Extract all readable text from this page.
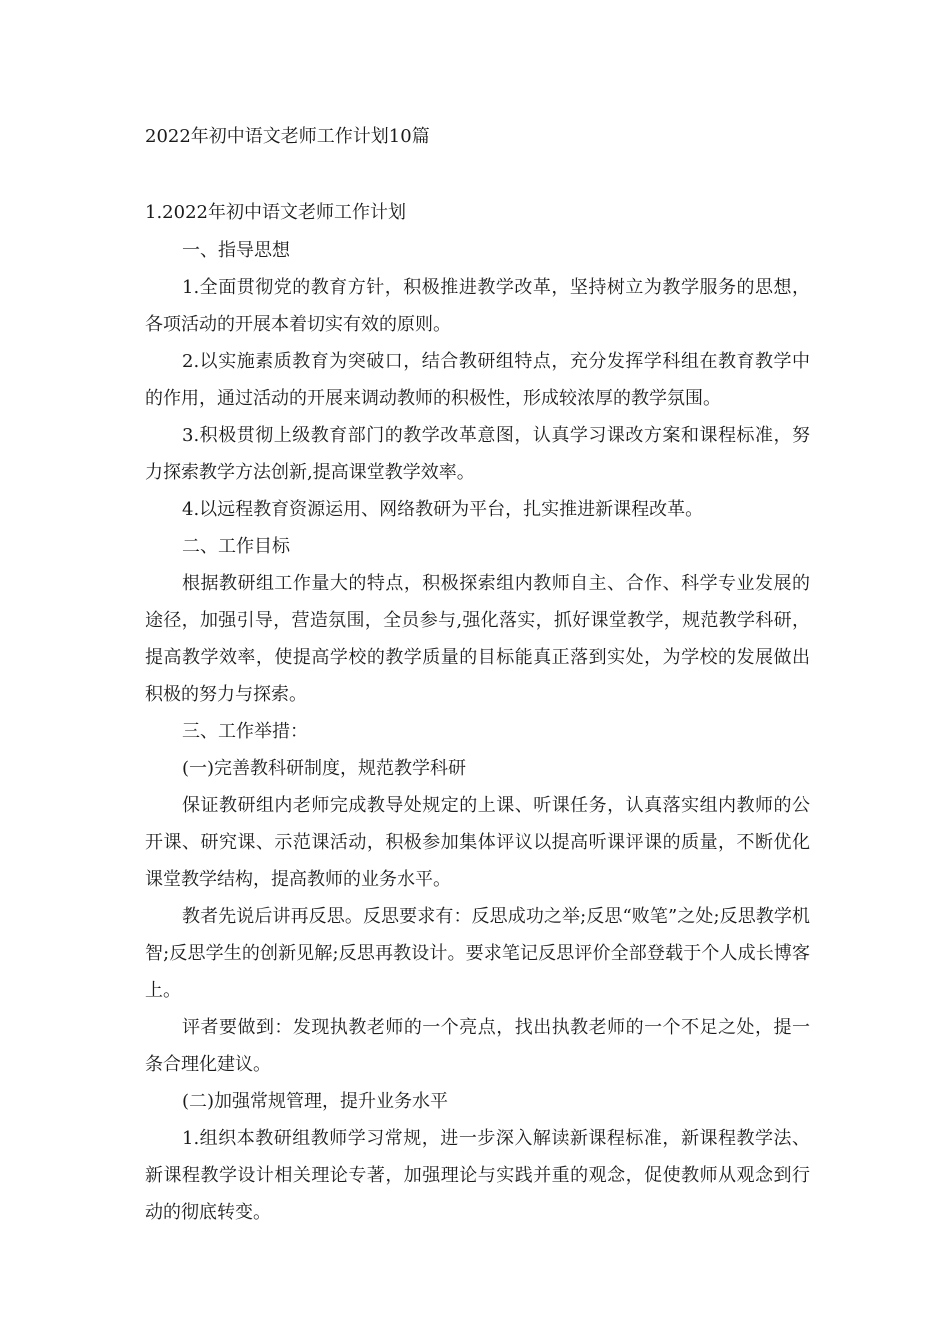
2022年初中语文老师工作计划10篇
1.2022年初中语文老师工作计划

一、指导思想

1.全面贯彻党的教育方针，积极推进教学改革，坚持树立为教学服务的思想，各项活动的开展本着切实有效的原则。

2.以实施素质教育为突破口，结合教研组特点，充分发挥学科组在教育教学中的作用，通过活动的开展来调动教师的积极性，形成较浓厚的教学氛围。

3.积极贯彻上级教育部门的教学改革意图，认真学习课改方案和课程标准，努力探索教学方法创新,提高课堂教学效率。

4.以远程教育资源运用、网络教研为平台，扎实推进新课程改革。

二、工作目标

根据教研组工作量大的特点，积极探索组内教师自主、合作、科学专业发展的途径，加强引导，营造氛围，全员参与,强化落实，抓好课堂教学，规范教学科研，提高教学效率，使提高学校的教学质量的目标能真正落到实处，为学校的发展做出积极的努力与探索。

三、工作举措：

(一)完善教科研制度，规范教学科研

保证教研组内老师完成教导处规定的上课、听课任务，认真落实组内教师的公开课、研究课、示范课活动，积极参加集体评议以提高听课评课的质量，不断优化课堂教学结构，提高教师的业务水平。

教者先说后讲再反思。反思要求有：反思成功之举;反思“败笔”之处;反思教学机智;反思学生的创新见解;反思再教设计。要求笔记反思评价全部登载于个人成长博客上。

评者要做到：发现执教老师的一个亮点，找出执教老师的一个不足之处，提一条合理化建议。

(二)加强常规管理，提升业务水平

1.组织本教研组教师学习常规，进一步深入解读新课程标准，新课程教学法、新课程教学设计相关理论专著，加强理论与实践并重的观念，促使教师从观念到行动的彻底转变。
